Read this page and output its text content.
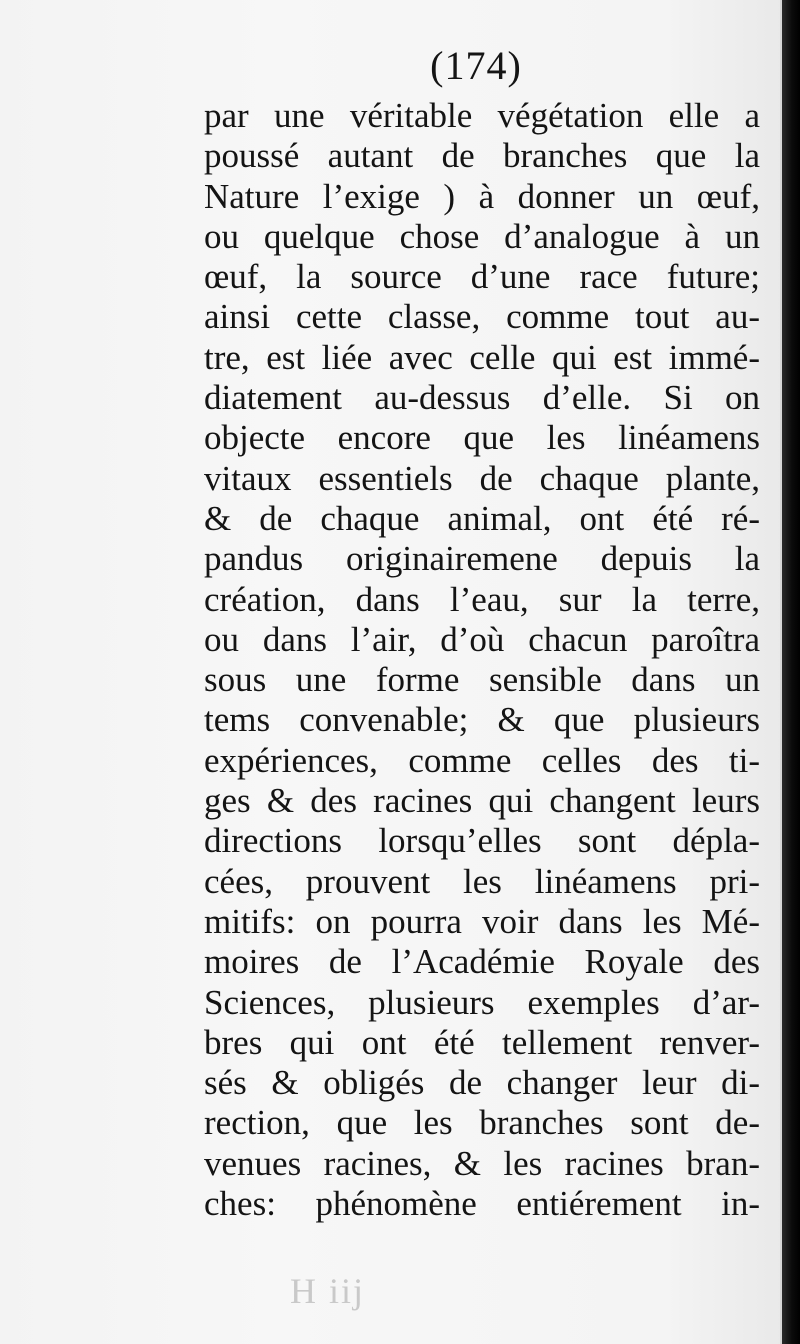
(174)
par une véritable végétation elle a
poussé autant de branches que la
Nature l’exige ) à donner un œuf,
ou quelque chose d’analogue à un
œuf, la source d’une race future;
ainsi cette classe, comme tout au-
tre, est liée avec celle qui est immé-
diatement au-dessus d’elle. Si on
objecte encore que les linéamens
vitaux essentiels de chaque plante,
& de chaque animal, ont été ré-
pandus originairemene depuis la
création, dans l’eau, sur la terre,
ou dans l’air, d’où chacun paroîtra
sous une forme sensible dans un
tems convenable; & que plusieurs
expériences, comme celles des ti-
ges & des racines qui changent leurs
directions lorsqu’elles sont dépla-
cées, prouvent les linéamens pri-
mitifs: on pourra voir dans les Mé-
moires de l’Académie Royale des
Sciences, plusieurs exemples d’ar-
bres qui ont été tellement renver-
sés & obligés de changer leur di-
rection, que les branches sont de-
venues racines, & les racines bran-
ches: phénomène entiérement in-
H iij
